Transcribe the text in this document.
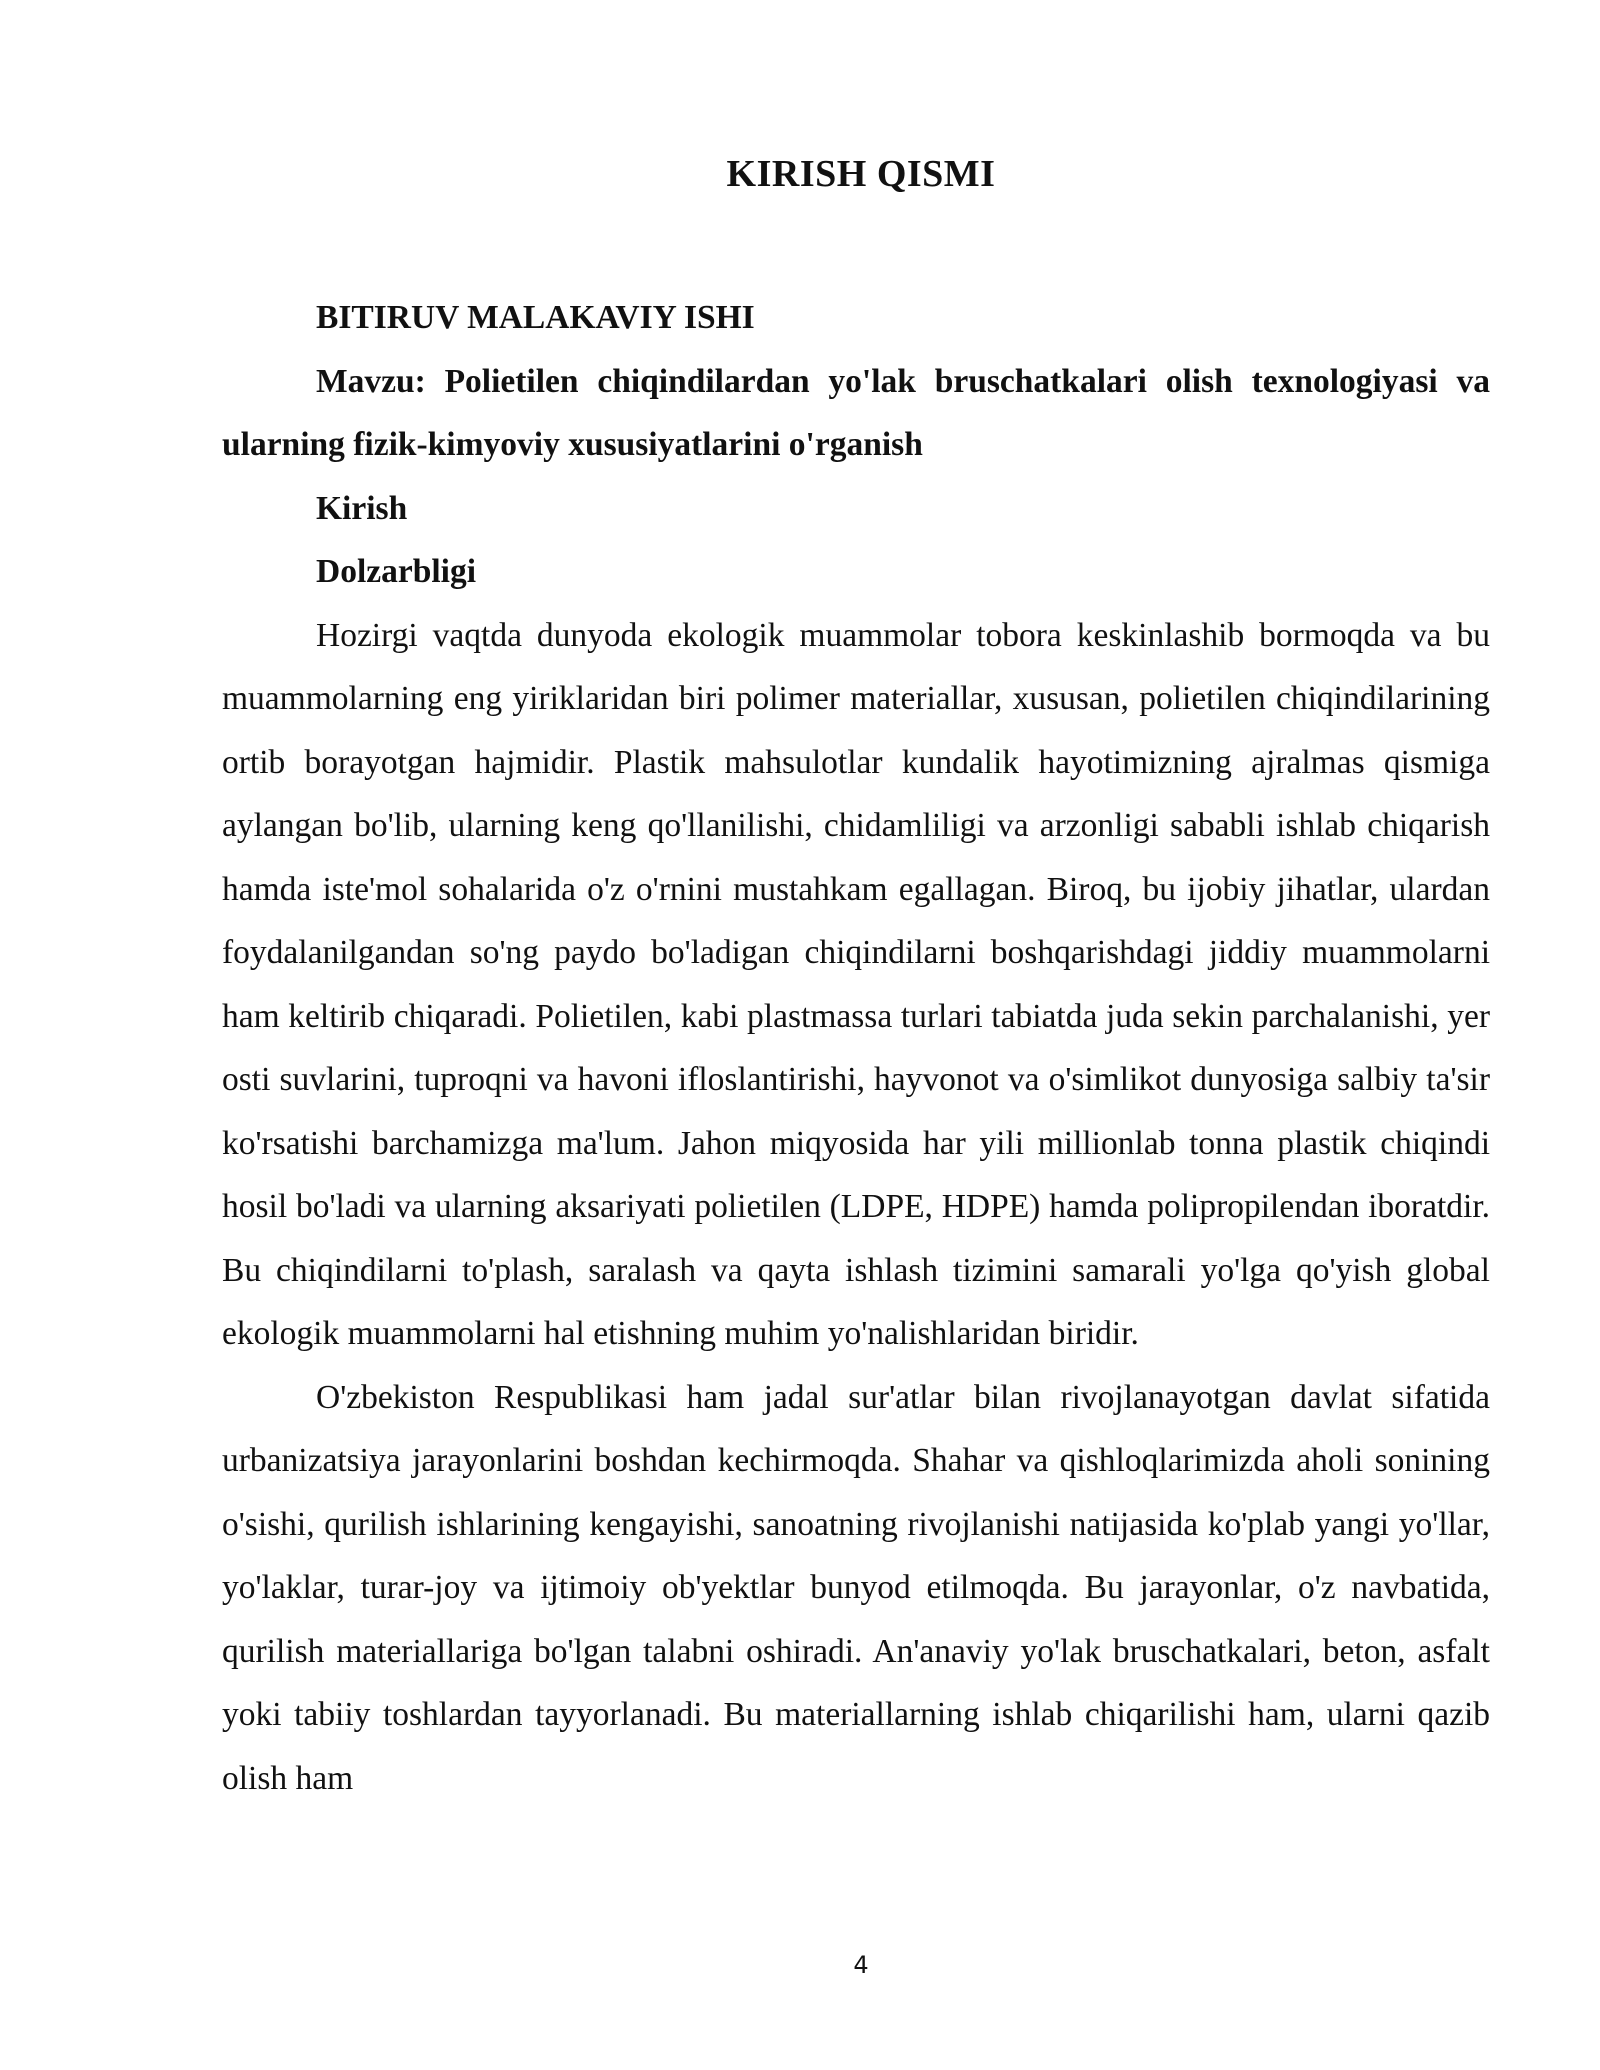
KIRISH QISMI

BITIRUV MALAKAVIY ISHI

Mavzu: Polietilen chiqindilardan yo'lak bruschatkalari olish texnologiyasi va ularning fizik-kimyoviy xususiyatlarini o'rganish

Kirish

Dolzarbligi

Hozirgi vaqtda dunyoda ekologik muammolar tobora keskinlashib bormoqda va bu muammolarning eng yiriklaridan biri polimer materiallar, xususan, polietilen chiqindilarining ortib borayotgan hajmidir. Plastik mahsulotlar kundalik hayotimizning ajralmas qismiga aylangan bo'lib, ularning keng qo'llanilishi, chidamliligi va arzonligi sababli ishlab chiqarish hamda iste'mol sohalarida o'z o'rnini mustahkam egallagan. Biroq, bu ijobiy jihatlar, ulardan foydalanilgandan so'ng paydo bo'ladigan chiqindilarni boshqarishdagi jiddiy muammolarni ham keltirib chiqaradi. Polietilen, kabi plastmassa turlari tabiatda juda sekin parchalanishi, yer osti suvlarini, tuproqni va havoni ifloslantirishi, hayvonot va o'simlikot dunyosiga salbiy ta'sir ko'rsatishi barchamizga ma'lum. Jahon miqyosida har yili millionlab tonna plastik chiqindi hosil bo'ladi va ularning aksariyati polietilen (LDPE, HDPE) hamda polipropilendan iboratdir. Bu chiqindilarni to'plash, saralash va qayta ishlash tizimini samarali yo'lga qo'yish global ekologik muammolarni hal etishning muhim yo'nalishlaridan biridir.

O'zbekiston Respublikasi ham jadal sur'atlar bilan rivojlanayotgan davlat sifatida urbanizatsiya jarayonlarini boshdan kechirmoqda. Shahar va qishloqlarimizda aholi sonining o'sishi, qurilish ishlarining kengayishi, sanoatning rivojlanishi natijasida ko'plab yangi yo'llar, yo'laklar, turar-joy va ijtimoiy ob'yektlar bunyod etilmoqda. Bu jarayonlar, o'z navbatida, qurilish materiallariga bo'lgan talabni oshiradi. An'anaviy yo'lak bruschatkalari, beton, asfalt yoki tabiiy toshlardan tayyorlanadi. Bu materiallarning ishlab chiqarilishi ham, ularni qazib olish ham

4
